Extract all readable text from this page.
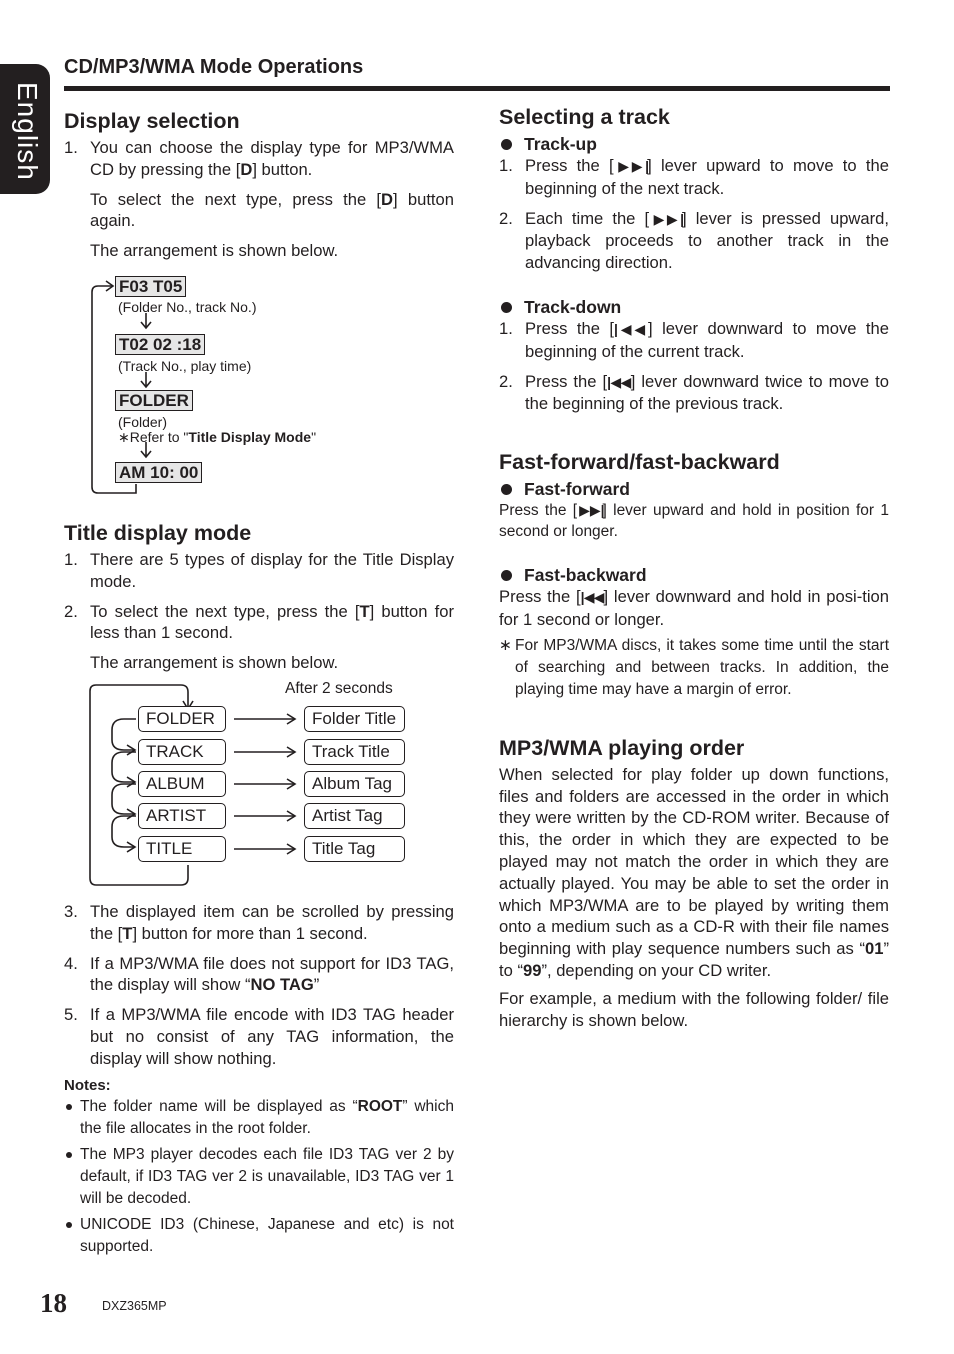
English
CD/MP3/WMA Mode Operations
Display selection
1. You can choose the display type for MP3/WMA CD by pressing the [D] button.
To select the next type, press the [D] button again.
The arrangement is shown below.
F03 T05
(Folder No., track No.)
T02 02 :18
(Track No., play time)
FOLDER
(Folder)
∗Refer to "Title Display Mode"
AM 10: 00
Title display mode
1. There are 5 types of display for the Title Display mode.
2. To select the next type, press the [T] button for less than 1 second.
The arrangement is shown below.
After 2 seconds
FOLDER
TRACK
ALBUM
ARTIST
TITLE
Folder Title
Track Title
Album Tag
Artist Tag
Title Tag
3. The displayed item can be scrolled by pressing the [T] button for more than 1 second.
4. If a MP3/WMA file does not support for ID3 TAG, the display will show “NO TAG”
5. If a MP3/WMA file encode with ID3 TAG header but no consist of any TAG information, the display will show nothing.
Notes:
The folder name will be displayed as “ROOT” which the file allocates in the root folder.
The MP3 player decodes each file ID3 TAG ver 2 by default, if ID3 TAG ver 2 is unavailable, ID3 TAG ver 1 will be decoded.
UNICODE ID3 (Chinese, Japanese and etc) is not supported.
Selecting a track
Track-up
1. Press the [▶▶|] lever upward to move to the beginning of the next track.
2. Each time the [▶▶|] lever is pressed upward, playback proceeds to another track in the advancing direction.
Track-down
1. Press the [|◀◀] lever downward to move the beginning of the current track.
2. Press the [|◀◀] lever downward twice to move to the beginning of the previous track.
Fast-forward/fast-backward
Fast-forward
Press the [▶▶|] lever upward and hold in position for 1 second or longer.
Fast-backward
Press the [|◀◀] lever downward and hold in posi-tion for 1 second or longer.
∗ For MP3/WMA discs, it takes some time until the start of searching and between tracks. In addition, the playing time may have a margin of error.
MP3/WMA playing order
When selected for play folder up down functions, files and folders are accessed in the order in which they were written by the CD-ROM writer. Because of this, the order in which they are expected to be played may not match the order in which they are actually played. You may be able to set the order in which MP3/WMA are to be played by writing them onto a medium such as a CD-R with their file names beginning with play sequence numbers such as “01” to “99”, depending on your CD writer.
For example, a medium with the following folder/ file hierarchy is shown below.
18	DXZ365MP
